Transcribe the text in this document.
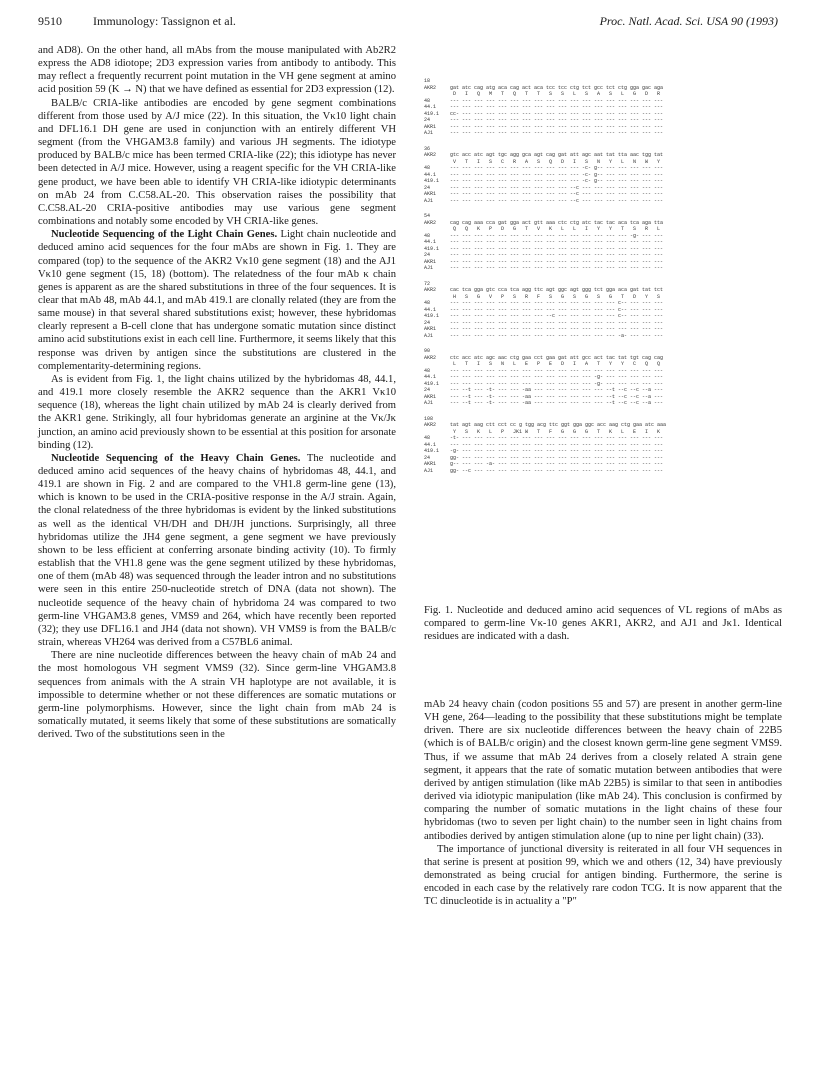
9510	Immunology: Tassignon et al.	Proc. Natl. Acad. Sci. USA 90 (1993)

and AD8). On the other hand, all mAbs from the mouse manipulated with Ab2R2 express the AD8 idiotope; 2D3 expression varies from antibody to antibody. This may reflect a frequently recurrent point mutation in the VH gene segment at amino acid position 59 (K → N) that we have defined as essential for 2D3 expression (12).

BALB/c CRIA-like antibodies are encoded by gene segment combinations different from those used by A/J mice (22). In this situation, the Vκ10 light chain and DFL16.1 DH gene are used in conjunction with an entirely different VH segment (from the VHGAM3.8 family) and various JH segments. The idiotype produced by BALB/c mice has been termed CRIA-like (22); this idiotype has never been detected in A/J mice. However, using a reagent specific for the VH CRIA-like gene product, we have been able to identify VH CRIA-like idiotypic determinants on mAb 24 from C.C58.AL-20. This observation raises the possibility that C.C58.AL-20 CRIA-positive antibodies may use various gene segment combinations and notably some encoded by VH CRIA-like genes.

Nucleotide Sequencing of the Light Chain Genes. Light chain nucleotide and deduced amino acid sequences for the four mAbs are shown in Fig. 1. They are compared (top) to the sequence of the AKR2 Vκ10 gene segment (18) and the AJ1 Vκ10 gene segment (15, 18) (bottom). The relatedness of the four mAb κ chain genes is apparent as are the shared substitutions in three of the four sequences. It is clear that mAb 48, mAb 44.1, and mAb 419.1 are clonally related (they are from the same mouse) in that several shared substitutions exist; however, these hybridomas clearly represent a B-cell clone that has undergone somatic mutation since distinct amino acid substitutions exist in each cell line. Furthermore, it seems likely that this response was driven by antigen since the substitutions are clustered in the complementarity-determining regions.

As is evident from Fig. 1, the light chains utilized by the hybridomas 48, 44.1, and 419.1 more closely resemble the AKR2 sequence than the AKR1 Vκ10 sequence (18), whereas the light chain utilized by mAb 24 is clearly derived from the AKR1 gene. Strikingly, all four hybridomas generate an arginine at the Vκ/Jκ junction, an amino acid previously shown to be essential at this position for arsonate binding (12).

Nucleotide Sequencing of the Heavy Chain Genes. The nucleotide and deduced amino acid sequences of the heavy chains of hybridomas 48, 44.1, and 419.1 are shown in Fig. 2 and are compared to the VH1.8 germ-line gene (13), which is known to be used in the CRIA-positive response in the A/J strain. Again, the clonal relatedness of the three hybridomas is evident by the linked substitutions as well as the identical VH/DH and DH/JH junctions. Surprisingly, all three hybridomas utilize the JH4 gene segment, a gene segment we have previously shown to be less efficient at conferring arsonate binding activity (10). To firmly establish that the VH1.8 gene was the gene segment utilized by these hybridomas, one of them (mAb 48) was sequenced through the leader intron and no substitutions were seen in this entire 250-nucleotide stretch of DNA (data not shown). The nucleotide sequence of the heavy chain of hybridoma 24 was compared to two germ-line VHGAM3.8 genes, VMS9 and 264, which have recently been reported (32); they use DFL16.1 and JH4 (data not shown). VH VMS9 is from the BALB/c strain, whereas VH264 was derived from a C57BL6 animal.

There are nine nucleotide differences between the heavy chain of mAb 24 and the most homologous VH segment VMS9 (32). Since germ-line VHGAM3.8 sequences from animals with the A strain VH haplotype are not available, it is impossible to determine whether or not these differences are somatic mutations or germ-line polymorphisms. However, since the light chain from mAb 24 is somatically mutated, it seems likely that some of these substitutions are somatically derived. Two of the substitutions seen in the

18
AKR2	gat atc cag atg aca cag act aca tcc tcc ctg tct gcc tct ctg gga gac aga
D   I   Q   M   T   Q   T   T   S   S   L   S   A   S   L   G   D   R
48	--- --- --- --- --- --- --- --- --- --- --- --- --- --- --- --- --- ---
44.1	--- --- --- --- --- --- --- --- --- --- --- --- --- --- --- --- --- ---
419.1	cc- --- --- --- --- --- --- --- --- --- --- --- --- --- --- --- --- ---
24	--- --- --- --- --- --- --- --- --- --- --- --- --- --- --- --- --- ---
AKR1	--- --- --- --- --- --- --- --- --- --- --- --- --- --- --- --- --- ---
AJ1	--- --- --- --- --- --- --- --- --- --- --- --- --- --- --- --- --- ---
36
AKR2	gtc acc atc agt tgc agg gca agt cag gat att agc aat tat tta aac tgg tat
V   T   I   S   C   R   A   S   Q   D   I   S   N   Y   L   N   W   Y
48	--- --- --- --- --- --- --- --- --- --- --- -c- g-- --- --- --- --- ---
44.1	--- --- --- --- --- --- --- --- --- --- --- -c- g-- --- --- --- --- ---
419.1	--- --- --- --- --- --- --- --- --- --- --- -c- g-- --- --- --- --- ---
24	--- --- --- --- --- --- --- --- --- --- --c --- --- --- --- --- --- ---
AKR1	--- --- --- --- --- --- --- --- --- --- --c --- --- --- --- --- --- ---
AJ1	--- --- --- --- --- --- --- --- --- --- --c --- --- --- --- --- --- ---
54
AKR2	cag cag aaa cca gat gga act gtt aaa ctc ctg atc tac tac aca tca aga tta
Q   Q   K   P   D   G   T   V   K   L   L   I   Y   Y   T   S   R   L
48	--- --- --- --- --- --- --- --- --- --- --- --- --- --- --- -g- --- ---
44.1	--- --- --- --- --- --- --- --- --- --- --- --- --- --- --- --- --- ---
419.1	--- --- --- --- --- --- --- --- --- --- --- --- --- --- --- --- --- ---
24	--- --- --- --- --- --- --- --- --- --- --- --- --- --- --- --- --- ---
AKR1	--- --- --- --- --- --- --- --- --- --- --- --- --- --- --- --- --- ---
AJ1	--- --- --- --- --- --- --- --- --- --- --- --- --- --- --- --- --- ---
72
AKR2	cac tca gga gtc cca tca agg ttc agt ggc agt ggg tct gga aca gat tat tct
H   S   G   V   P   S   R   F   S   G   S   G   S   G   T   D   Y   S
48	--- --- --- --- --- --- --- --- --- --- --- --- --- --- c-- --- --- ---
44.1	--- --- --- --- --- --- --- --- --- --- --- --- --- --- c-- --- --- ---
419.1	--- --- --- --- --- --- --- --- --c --- --- --- --- --- c-- --- --- ---
24	--- --- --- --- --- --- --- --- --- --- --- --- --- --- --- --- --- ---
AKR1	--- --- --- --- --- --- --- --- --- --- --- --- --- --- --- --- --- ---
AJ1	--- --- --- --- --- --- --- --- --- --- --- --- --- --- -a- --- --- ---
90
AKR2	ctc acc atc agc aac ctg gaa cct gaa gat att gcc act tac tat tgt cag cag
L   T   I   S   N   L   E   P   E   D   I   A   T   Y   Y   C   Q   Q
48	--- --- --- --- --- --- --- --- --- --- --- --- --- --- --- --- --- ---
44.1	--- --- --- --- --- --- --- --- --- --- --- --- -g- --- --- --- --- ---
419.1	--- --- --- --- --- --- --- --- --- --- --- --- -g- --- --- --- --- ---
24	--- --t --- -t- --- --- -aa --- --- --- --- --- --- --t --c --c --a ---
AKR1	--- --t --- -t- --- --- -aa --- --- --- --- --- --- --t --c --c --a ---
AJ1	--- --t --- -t- --- --- -aa --- --- --- --- --- --- --t --c --c --a ---
108
AKR2	tat agt aag ctt cct cc g tgg acg ttc ggt gga ggc acc aag ctg gaa atc aaa
Y   S   K   L   P   JK1 W   T   F   G   G   G   T   K   L   E   I   K
48	-t- --- --- --- --- --- --- --- --- --- --- --- --- --- --- --- --- ---
44.1	--- --- --- --- --- --- --- --- --- --- --- --- --- --- --- --- --- ---
419.1	-g- --- --- --- --- --- --- --- --- --- --- --- --- --- --- --- --- ---
24	gg- --- --- --- --- --- --- --- --- --- --- --- --- --- --- --- --- ---
AKR1	g-- --- --- -a- --- --- --- --- --- --- --- --- --- --- --- --- --- ---
AJ1	gg- --c --- --- --- --- --- --- --- --- --- --- --- --- --- --- --- ---
Fig. 1. Nucleotide and deduced amino acid sequences of VL regions of mAbs as compared to germ-line Vκ-10 genes AKR1, AKR2, and AJ1 and Jκ1. Identical residues are indicated with a dash.

mAb 24 heavy chain (codon positions 55 and 57) are present in another germ-line VH gene, 264—leading to the possibility that these substitutions might be template driven. There are six nucleotide differences between the heavy chain of 22B5 (which is of BALB/c origin) and the closest known germ-line gene segment VMS9. Thus, if we assume that mAb 24 derives from a closely related A strain gene segment, it appears that the rate of somatic mutation between antibodies that were derived by antigen stimulation (like mAb 22B5) is similar to that seen in antibodies derived via idiotypic manipulation (like mAb 24). This conclusion is confirmed by comparing the number of somatic mutations in the light chains of these four hybridomas (two to seven per light chain) to the number seen in light chains from antibodies derived by antigen stimulation alone (up to nine per light chain) (33).

The importance of junctional diversity is reiterated in all four VH sequences in that serine is present at position 99, which we and others (12, 34) have previously demonstrated as being crucial for antigen binding. Furthermore, the serine is encoded in each case by the relatively rare codon TCG. It is now apparent that the TC dinucleotide is in actuality a "P"
